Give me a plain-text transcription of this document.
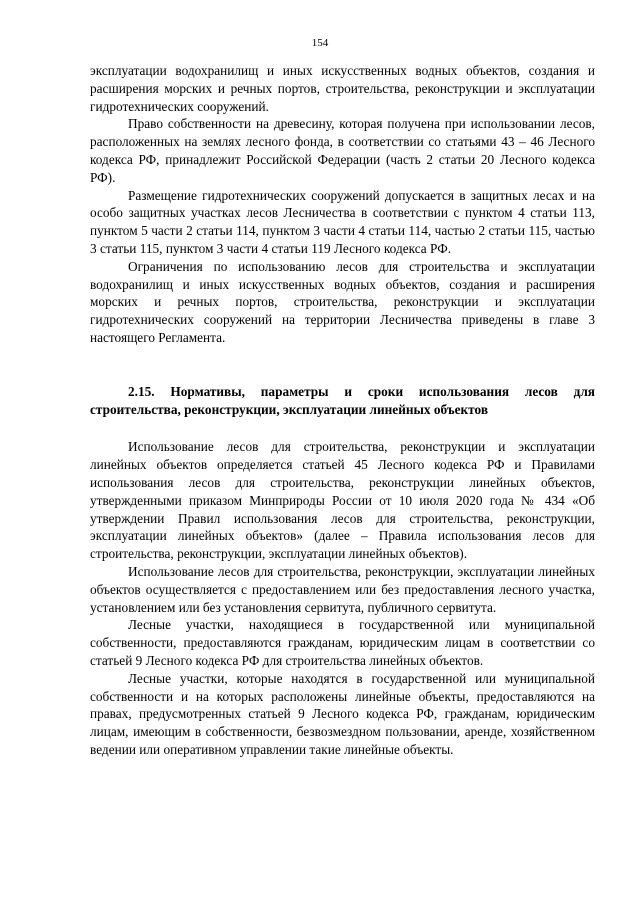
154

эксплуатации водохранилищ и иных искусственных водных объектов, создания и расширения морских и речных портов, строительства, реконструкции и эксплуатации гидротехнических сооружений.

Право собственности на древесину, которая получена при использовании лесов, расположенных на землях лесного фонда, в соответствии со статьями 43 – 46 Лесного кодекса РФ, принадлежит Российской Федерации (часть 2 статьи 20 Лесного кодекса РФ).

Размещение гидротехнических сооружений допускается в защитных лесах и на особо защитных участках лесов Лесничества в соответствии с пунктом 4 статьи 113, пунктом 5 части 2 статьи 114, пунктом 3 части 4 статьи 114, частью 2 статьи 115, частью 3 статьи 115, пунктом 3 части 4 статьи 119 Лесного кодекса РФ.

Ограничения по использованию лесов для строительства и эксплуатации водохранилищ и иных искусственных водных объектов, создания и расширения морских и речных портов, строительства, реконструкции и эксплуатации гидротехнических сооружений на территории Лесничества приведены в главе 3 настоящего Регламента.

2.15. Нормативы, параметры и сроки использования лесов для строительства, реконструкции, эксплуатации линейных объектов

Использование лесов для строительства, реконструкции и эксплуатации линейных объектов определяется статьей 45 Лесного кодекса РФ и Правилами использования лесов для строительства, реконструкции линейных объектов, утвержденными приказом Минприроды России от 10 июля 2020 года № 434 «Об утверждении Правил использования лесов для строительства, реконструкции, эксплуатации линейных объектов» (далее – Правила использования лесов для строительства, реконструкции, эксплуатации линейных объектов).

Использование лесов для строительства, реконструкции, эксплуатации линейных объектов осуществляется с предоставлением или без предоставления лесного участка, установлением или без установления сервитута, публичного сервитута.

Лесные участки, находящиеся в государственной или муниципальной собственности, предоставляются гражданам, юридическим лицам в соответствии со статьей 9 Лесного кодекса РФ для строительства линейных объектов.

Лесные участки, которые находятся в государственной или муниципальной собственности и на которых расположены линейные объекты, предоставляются на правах, предусмотренных статьей 9 Лесного кодекса РФ, гражданам, юридическим лицам, имеющим в собственности, безвозмездном пользовании, аренде, хозяйственном ведении или оперативном управлении такие линейные объекты.
